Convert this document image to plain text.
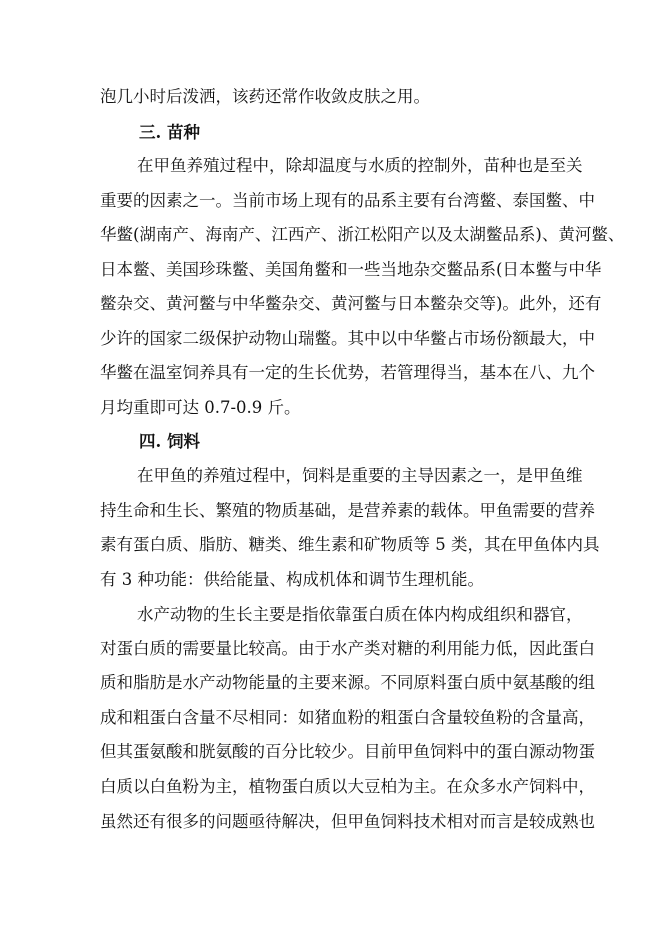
泡几小时后泼洒，该药还常作收敛皮肤之用。
三. 苗种
在甲鱼养殖过程中，除却温度与水质的控制外，苗种也是至关
重要的因素之一。当前市场上现有的品系主要有台湾鳖、泰国鳖、中
华鳖(湖南产、海南产、江西产、浙江松阳产以及太湖鳖品系)、黄河鳖、
日本鳖、美国珍珠鳖、美国角鳖和一些当地杂交鳖品系(日本鳖与中华
鳖杂交、黄河鳖与中华鳖杂交、黄河鳖与日本鳖杂交等)。此外，还有
少许的国家二级保护动物山瑞鳖。其中以中华鳖占市场份额最大，中
华鳖在温室饲养具有一定的生长优势，若管理得当，基本在八、九个
月均重即可达 0.7-0.9 斤。
四. 饲料
在甲鱼的养殖过程中，饲料是重要的主导因素之一，是甲鱼维
持生命和生长、繁殖的物质基础，是营养素的载体。甲鱼需要的营养
素有蛋白质、脂肪、糖类、维生素和矿物质等 5 类，其在甲鱼体内具
有 3 种功能：供给能量、构成机体和调节生理机能。
水产动物的生长主要是指依靠蛋白质在体内构成组织和器官，
对蛋白质的需要量比较高。由于水产类对糖的利用能力低，因此蛋白
质和脂肪是水产动物能量的主要来源。不同原料蛋白质中氨基酸的组
成和粗蛋白含量不尽相同：如猪血粉的粗蛋白含量较鱼粉的含量高，
但其蛋氨酸和胱氨酸的百分比较少。目前甲鱼饲料中的蛋白源动物蛋
白质以白鱼粉为主，植物蛋白质以大豆柏为主。在众多水产饲料中，
虽然还有很多的问题亟待解决，但甲鱼饲料技术相对而言是较成熟也
